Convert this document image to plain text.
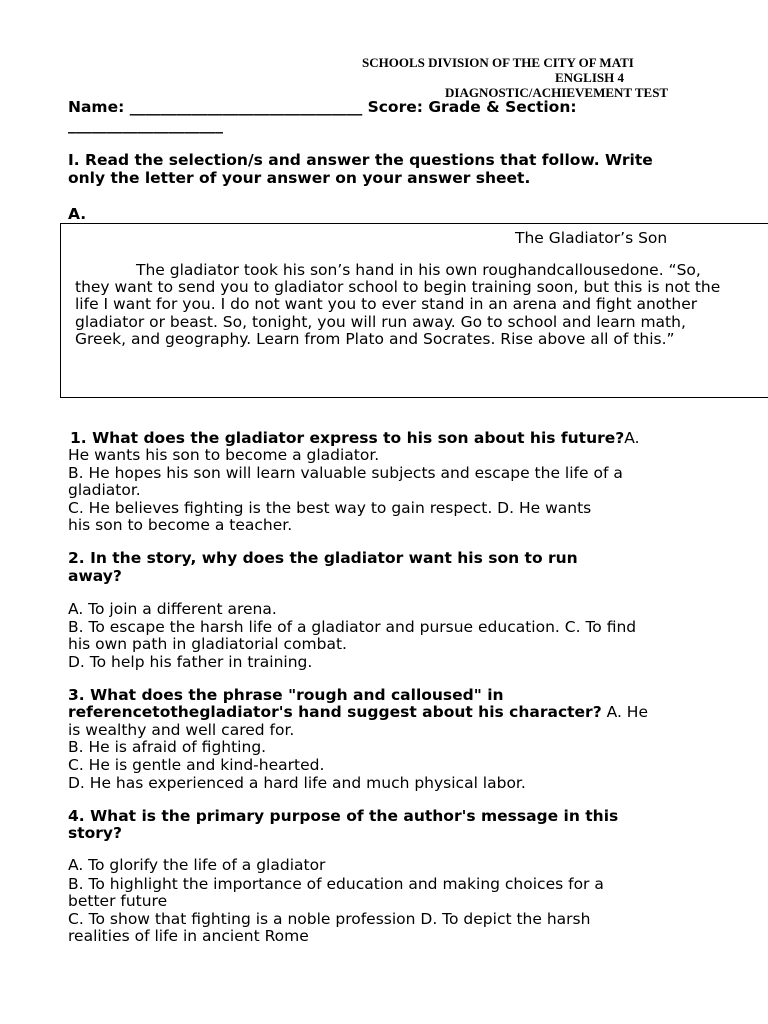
SCHOOLS DIVISION OF THE CITY OF MATI
ENGLISH 4
DIAGNOSTIC/ACHIEVEMENT TEST
Name: ______________________________ Score: Grade & Section:
____________________
I. Read the selection/s and answer the questions that follow. Write
only the letter of your answer on your answer sheet.
A.
The Gladiator’s Son
The gladiator took his son’s hand in his own roughandcallousedone. “So,
they want to send you to gladiator school to begin training soon, but this is not the
life I want for you. I do not want you to ever stand in an arena and fight another
gladiator or beast. So, tonight, you will run away. Go to school and learn math,
Greek, and geography. Learn from Plato and Socrates. Rise above all of this.”
1. What does the gladiator express to his son about his future?A.
He wants his son to become a gladiator.
B. He hopes his son will learn valuable subjects and escape the life of a
gladiator.
C. He believes fighting is the best way to gain respect. D. He wants
his son to become a teacher.
2. In the story, why does the gladiator want his son to run
away?
A. To join a different arena.
B. To escape the harsh life of a gladiator and pursue education. C. To find
his own path in gladiatorial combat.
D. To help his father in training.
3. What does the phrase "rough and calloused" in
referencetothegladiator's hand suggest about his character? A. He
is wealthy and well cared for.
B. He is afraid of fighting.
C. He is gentle and kind-hearted.
D. He has experienced a hard life and much physical labor.
4. What is the primary purpose of the author's message in this
story?
A. To glorify the life of a gladiator
B. To highlight the importance of education and making choices for a
better future
C. To show that fighting is a noble profession D. To depict the harsh
realities of life in ancient Rome
